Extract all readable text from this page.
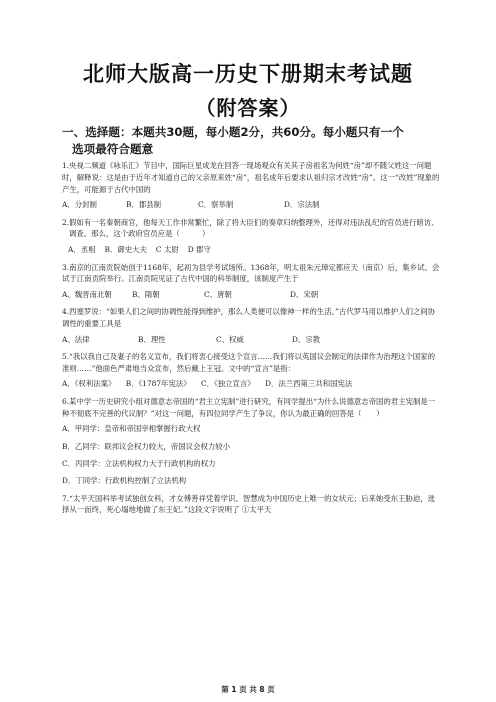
北师大版高一历史下册期末考试题
（附答案）
一、选择题：本题共30题，每小题2分，共60分。每小题只有一个
选项最符合题意

1.央视二频道《咏乐汇》节目中，国际巨星成龙在回答一现场观众有关其子房祖名为何姓“房”却不随父姓这一问题时，解释说：这是由于近年才知道自己的父亲原来姓“房”，祖名成年后要求认祖归宗才改姓“房”。这一“改姓”现象的产生，可能源于古代中国的

A．分封制	B．郡县制	C．察举制	D．宗法制

2.假如有一名秦朝商官，他每天工作非常繁忙，除了将大臣们的奏章归纳整理外，还得对违法乱纪的官员进行暗访、调查。那么，这个政府官员应是（　　　）

A．丞相 B．御史大夫 C 太尉 D 郡守

3.南京的江南贡院始创于1168年，起初为县学考试场所。1368年，明太祖朱元璋定都应天（南京）后，集乡试、会试于江南贡院举行。江南贡院见证了古代中国的科举制度，该制度产生于

A、魏晋南北朝	B、隋朝	C、唐朝	D、宋朝

4.西塞罗说：“如果人们之间的协调性能得到维护，那么人类便可以像神一样的生活。”古代罗马用以维护人们之间协调性的重要工具是

A、法律	B、理性	C、权威	D、宗教

5.“我以我自己及妻子的名义宣布，我们将衷心接受这个宣言……我们将以英国议会制定的法律作为治理这个国家的准则……”他面色严肃地当众宣布，然后戴上王冠。文中的“宣言”是指：

A．《权利法案》 B．《1787年宪法》 C．《独立宣言》 D．法兰西第三共和国宪法

6.某中学一历史研究小组对德意志帝国的“君主立宪制”进行研究，有同学提出“为什么说德意志帝国的君主宪制是一种不彻底不完善的代议制？”对这一问题，有四位同学产生了争议，你认为最正确的回答是（　　）

A．甲同学：皇帝和帝国宰相掌握行政大权

B．乙同学：联邦议会权力较大，帝国议会权力较小

C．丙同学：立法机构权力大于行政机构的权力

D．丁同学：行政机构控制了立法机构

7.“太平天国科举考试独创女科，才女傅善祥凭着学识、智慧成为中国历史上唯一的女状元；后来她受东王胁迫，选择从一而终，死心塌地地做了东王妃。”这段文字说明了 ①太平天

第 1 页 共 8 页
